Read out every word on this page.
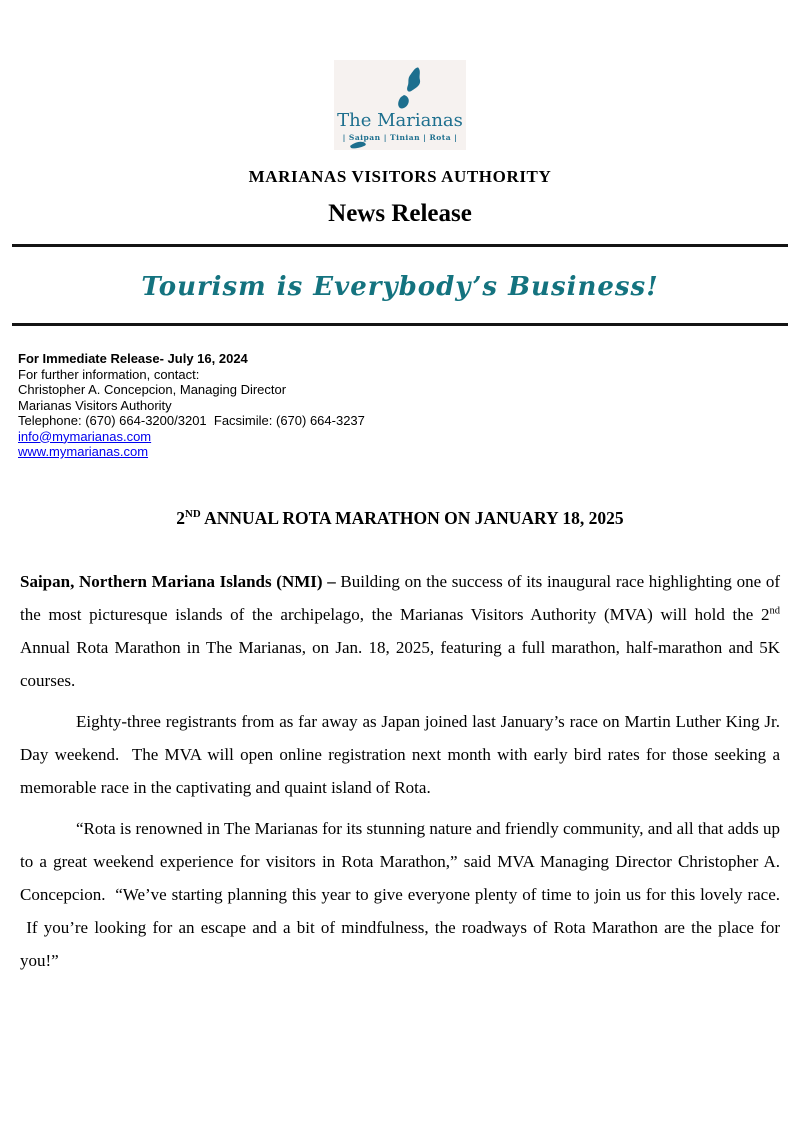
The Marianas
| Saipan | Tinian | Rota |
MARIANAS VISITORS AUTHORITY
News Release
Tourism is Everybody’s Business!
For Immediate Release- July 16, 2024
For further information, contact:
Christopher A. Concepcion, Managing Director
Marianas Visitors Authority
Telephone: (670) 664-3200/3201  Facsimile: (670) 664-3237
info@mymarianas.com
www.mymarianas.com
2ND ANNUAL ROTA MARATHON ON JANUARY 18, 2025

Saipan, Northern Mariana Islands (NMI) – Building on the success of its inaugural race highlighting one of the most picturesque islands of the archipelago, the Marianas Visitors Authority (MVA) will hold the 2nd Annual Rota Marathon in The Marianas, on Jan. 18, 2025, featuring a full marathon, half-marathon and 5K courses.

Eighty-three registrants from as far away as Japan joined last January’s race on Martin Luther King Jr. Day weekend.  The MVA will open online registration next month with early bird rates for those seeking a memorable race in the captivating and quaint island of Rota.

“Rota is renowned in The Marianas for its stunning nature and friendly community, and all that adds up to a great weekend experience for visitors in Rota Marathon,” said MVA Managing Director Christopher A. Concepcion.  “We’ve starting planning this year to give everyone plenty of time to join us for this lovely race.  If you’re looking for an escape and a bit of mindfulness, the roadways of Rota Marathon are the place for you!”
